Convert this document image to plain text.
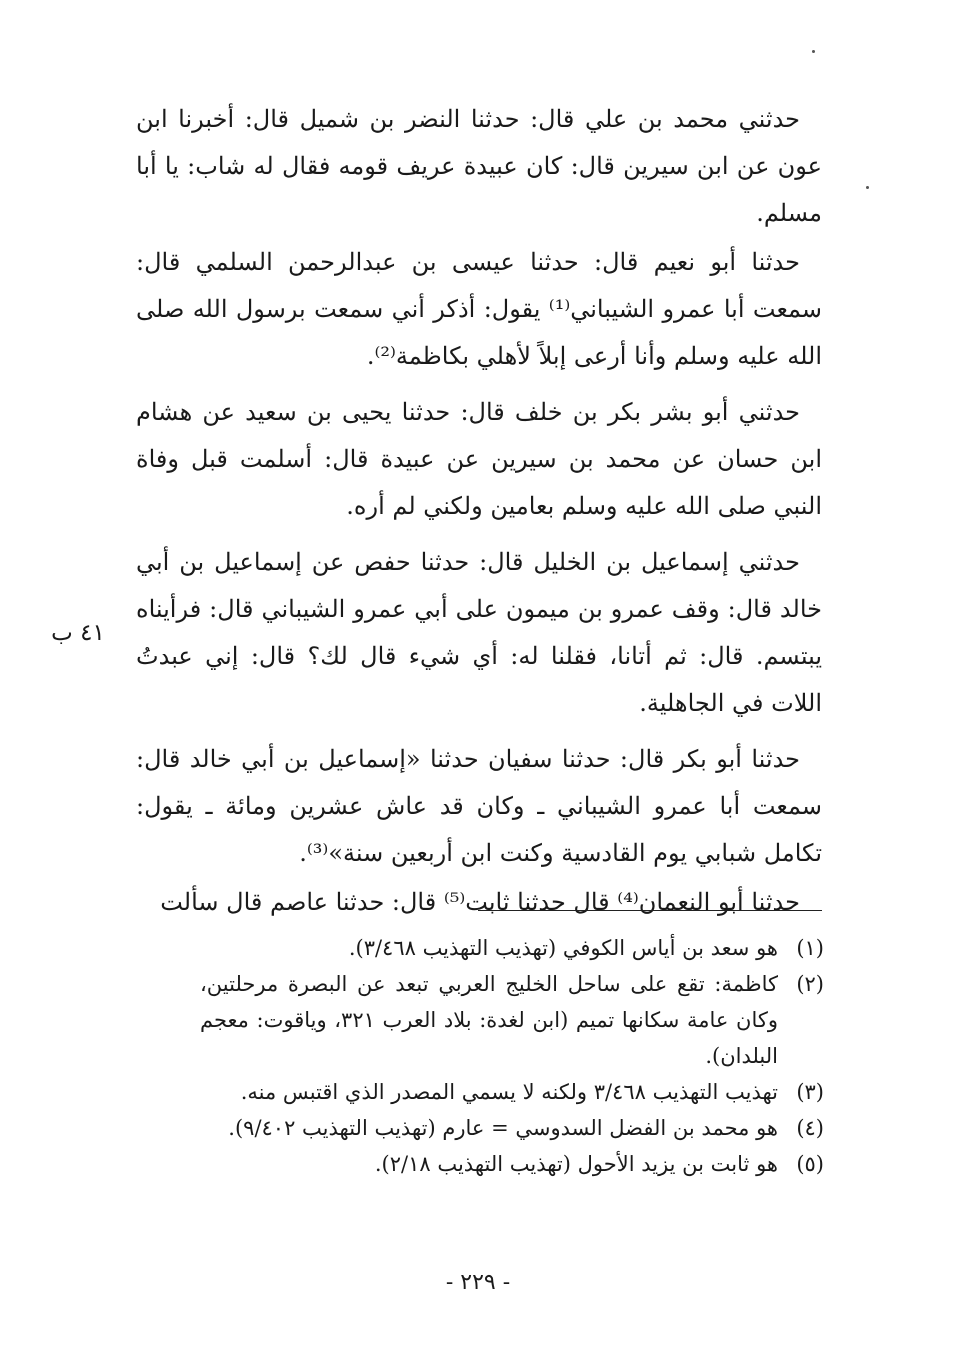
حدثني محمد بن علي قال: حدثنا النضر بن شميل قال: أخبرنا ابن عون عن ابن سيرين قال: كان عبيدة عريف قومه فقال له شاب: يا أبا مسلم.

حدثنا أبو نعيم قال: حدثنا عيسى بن عبدالرحمن السلمي قال: سمعت أبا عمرو الشيباني⁽¹⁾ يقول: أذكر أني سمعت برسول الله صلى الله عليه وسلم وأنا أرعى إبلاً لأهلي بكاظمة⁽²⁾.

حدثني أبو بشر بكر بن خلف قال: حدثنا يحيى بن سعيد عن هشام ابن حسان عن محمد بن سيرين عن عبيدة قال: أسلمت قبل وفاة النبي صلى الله عليه وسلم بعامين ولكني لم أره.

حدثني إسماعيل بن الخليل قال: حدثنا حفص عن إسماعيل بن أبي خالد قال: وقف عمرو بن ميمون على أبي عمرو الشيباني قال: فرأيناه يبتسم. قال: ثم أتانا، فقلنا له: أي شيء قال لك؟ قال: إني عبدتُ اللات في الجاهلية.

حدثنا أبو بكر قال: حدثنا سفيان حدثنا «إسماعيل بن أبي خالد قال: سمعت أبا عمرو الشيباني ـ وكان قد عاش عشرين ومائة ـ يقول: تكامل شبابي يوم القادسية وكنت ابن أربعين سنة»⁽³⁾.

حدثنا أبو النعمان⁽⁴⁾ قال حدثنا ثابت⁽⁵⁾ قال: حدثنا عاصم قال سألت

٤١ ب
(١)
هو سعد بن أياس الكوفي (تهذيب التهذيب ٣/٤٦٨).
(٢)
كاظمة: تقع على ساحل الخليج العربي تبعد عن البصرة مرحلتين، وكان عامة سكانها تميم (ابن لغدة: بلاد العرب ٣٢١، وياقوت: معجم البلدان).
(٣)
تهذيب التهذيب ٣/٤٦٨ ولكنه لا يسمي المصدر الذي اقتبس منه.
(٤)
هو محمد بن الفضل السدوسي = عارم (تهذيب التهذيب ٩/٤٠٢).
(٥)
هو ثابت بن يزيد الأحول (تهذيب التهذيب ٢/١٨).
- ٢٢٩ -
